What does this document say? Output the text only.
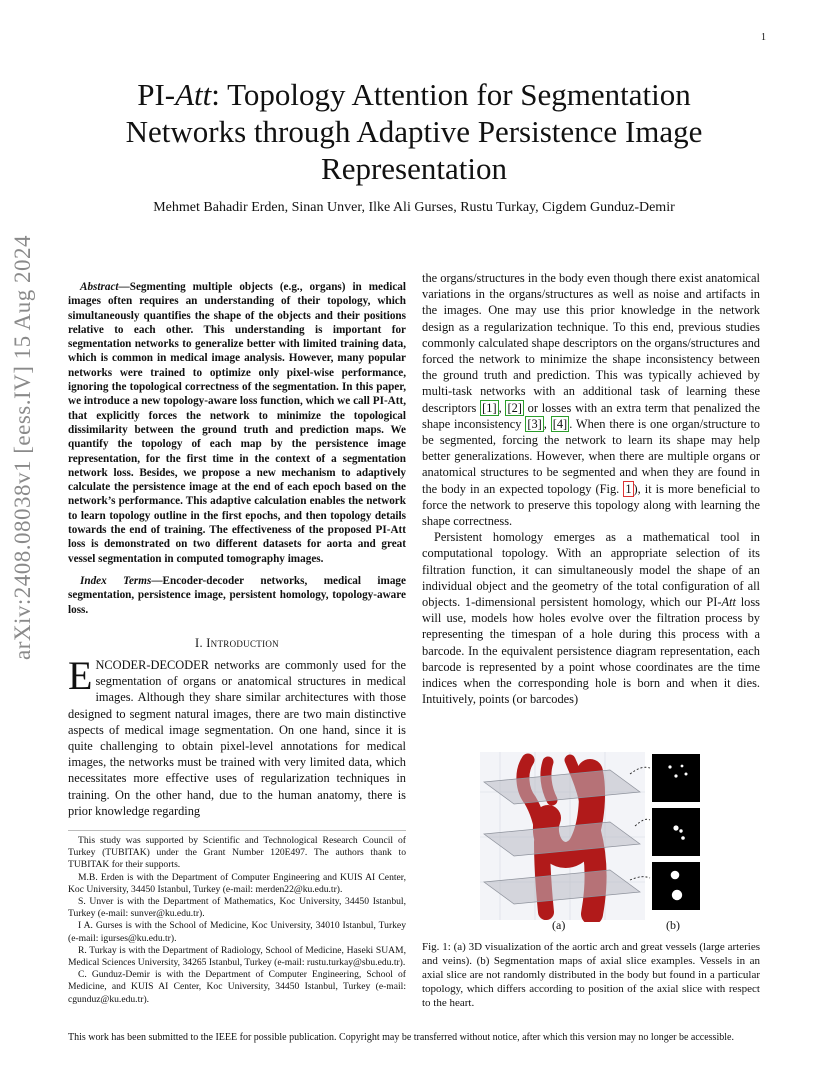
1
arXiv:2408.08038v1 [eess.IV] 15 Aug 2024
PI-Att: Topology Attention for Segmentation Networks through Adaptive Persistence Image Representation
Mehmet Bahadir Erden, Sinan Unver, Ilke Ali Gurses, Rustu Turkay, Cigdem Gunduz-Demir

Abstract—Segmenting multiple objects (e.g., organs) in medical images often requires an understanding of their topology, which simultaneously quantifies the shape of the objects and their positions relative to each other. This understanding is important for segmentation networks to generalize better with limited training data, which is common in medical image analysis. However, many popular networks were trained to optimize only pixel-wise performance, ignoring the topological correctness of the segmentation. In this paper, we introduce a new topology-aware loss function, which we call PI-Att, that explicitly forces the network to minimize the topological dissimilarity between the ground truth and prediction maps. We quantify the topology of each map by the persistence image representation, for the first time in the context of a segmentation network loss. Besides, we propose a new mechanism to adaptively calculate the persistence image at the end of each epoch based on the network’s performance. This adaptive calculation enables the network to learn topology outline in the first epochs, and then topology details towards the end of training. The effectiveness of the proposed PI-Att loss is demonstrated on two different datasets for aorta and great vessel segmentation in computed tomography images.

Index Terms—Encoder-decoder networks, medical image segmentation, persistence image, persistent homology, topology-aware loss.

I. Introduction

ENCODER-DECODER networks are commonly used for the segmentation of organs or anatomical structures in medical images. Although they share similar architectures with those designed to segment natural images, there are two main distinctive aspects of medical image segmentation. On one hand, since it is quite challenging to obtain pixel-level annotations for medical images, the networks must be trained with very limited data, which necessitates more effective uses of regularization techniques in training. On the other hand, due to the human anatomy, there is prior knowledge regarding

the organs/structures in the body even though there exist anatomical variations in the organs/structures as well as noise and artifacts in the images. One may use this prior knowledge in the network design as a regularization technique. To this end, previous studies commonly calculated shape descriptors on the organs/structures and forced the network to minimize the shape inconsistency between the ground truth and prediction. This was typically achieved by multi-task networks with an additional task of learning these descriptors [1] , [2] or losses with an extra term that penalized the shape inconsistency [3] , [4] . When there is one organ/structure to be segmented, forcing the network to learn its shape may help better generalizations. However, when there are multiple organs or anatomical structures to be segmented and when they are found in the body in an expected topology (Fig. 1 ), it is more beneficial to force the network to preserve this topology along with learning the shape correctness.

Persistent homology emerges as a mathematical tool in computational topology. With an appropriate selection of its filtration function, it can simultaneously model the shape of an individual object and the geometry of the total configuration of all objects. 1-dimensional persistent homology, which our PI-Att loss will use, models how holes evolve over the filtration process by representing the timespan of a hole during this process with a barcode. In the equivalent persistence diagram representation, each barcode is represented by a point whose coordinates are the time indices when the corresponding hole is born and when it dies. Intuitively, points (or barcodes)

(a)	(b)
Fig. 1: (a) 3D visualization of the aortic arch and great vessels (large arteries and veins). (b) Segmentation maps of axial slice examples. Vessels in an axial slice are not randomly distributed in the body but found in a particular topology, which differs according to position of the axial slice with respect to the heart.

This study was supported by Scientific and Technological Research Council of Turkey (TUBITAK) under the Grant Number 120E497. The authors thank to TUBITAK for their supports.

M.B. Erden is with the Department of Computer Engineering and KUIS AI Center, Koc University, 34450 Istanbul, Turkey (e-mail: merden22@ku.edu.tr).

S. Unver is with the Department of Mathematics, Koc University, 34450 Istanbul, Turkey (e-mail: sunver@ku.edu.tr).

I A. Gurses is with the School of Medicine, Koc University, 34010 Istanbul, Turkey (e-mail: igurses@ku.edu.tr).

R. Turkay is with the Department of Radiology, School of Medicine, Haseki SUAM, Medical Sciences University, 34265 Istanbul, Turkey (e-mail: rustu.turkay@sbu.edu.tr).

C. Gunduz-Demir is with the Department of Computer Engineering, School of Medicine, and KUIS AI Center, Koc University, 34450 Istanbul, Turkey (e-mail: cgunduz@ku.edu.tr).

This work has been submitted to the IEEE for possible publication. Copyright may be transferred without notice, after which this version may no longer be accessible.
